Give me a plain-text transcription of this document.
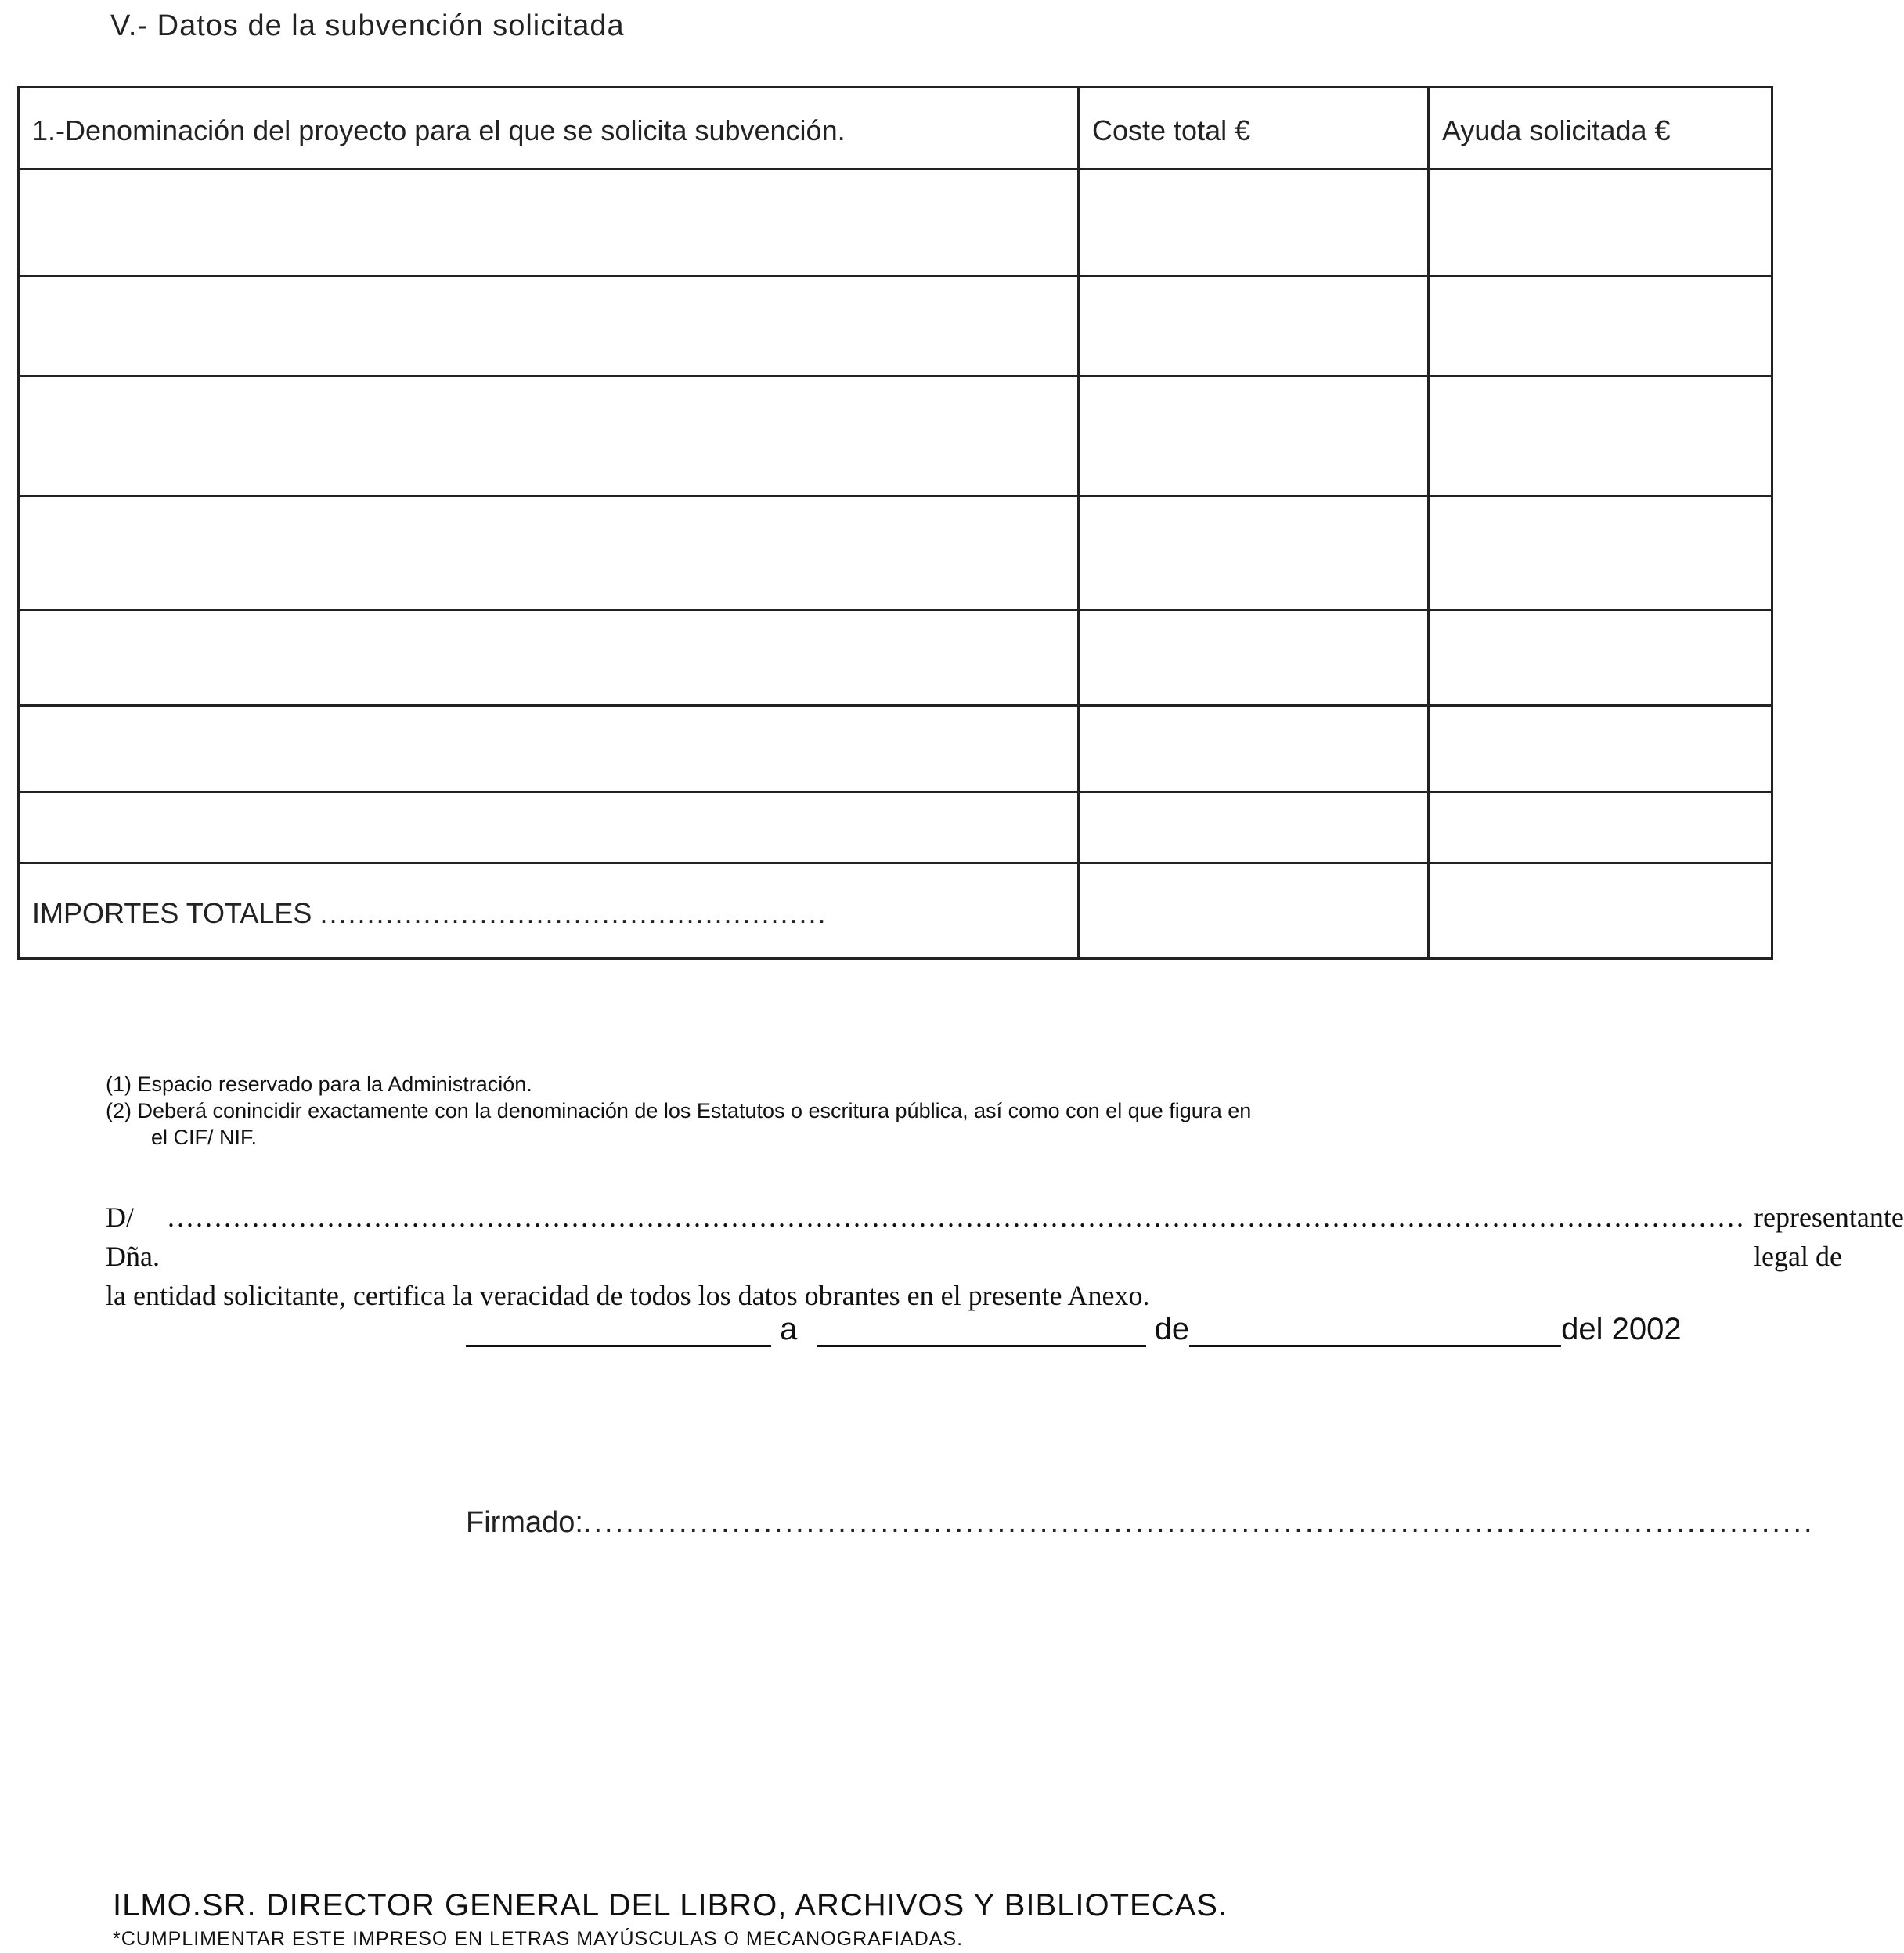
V.- Datos de la subvención solicitada
1.-Denominación del proyecto para el que se solicita subvención.	Coste total €	Ayuda solicitada €

IMPORTES TOTALES ......................................................		
(1) Espacio reservado para la Administración.
(2) Deberá conincidir exactamente con la denominación de los Estatutos o escritura pública, así como con el que figura en
el CIF/ NIF.
D/ Dña.
........................................................................................................................................................................ representante legal de
la entidad solicitante, certifica la veracidad de todos los datos obrantes en el presente Anexo.
a	de	del 2002
Firmado:....................................................................................................................
ILMO.SR. DIRECTOR GENERAL DEL LIBRO, ARCHIVOS Y BIBLIOTECAS.
*CUMPLIMENTAR ESTE IMPRESO EN LETRAS MAYÚSCULAS O MECANOGRAFIADAS.
